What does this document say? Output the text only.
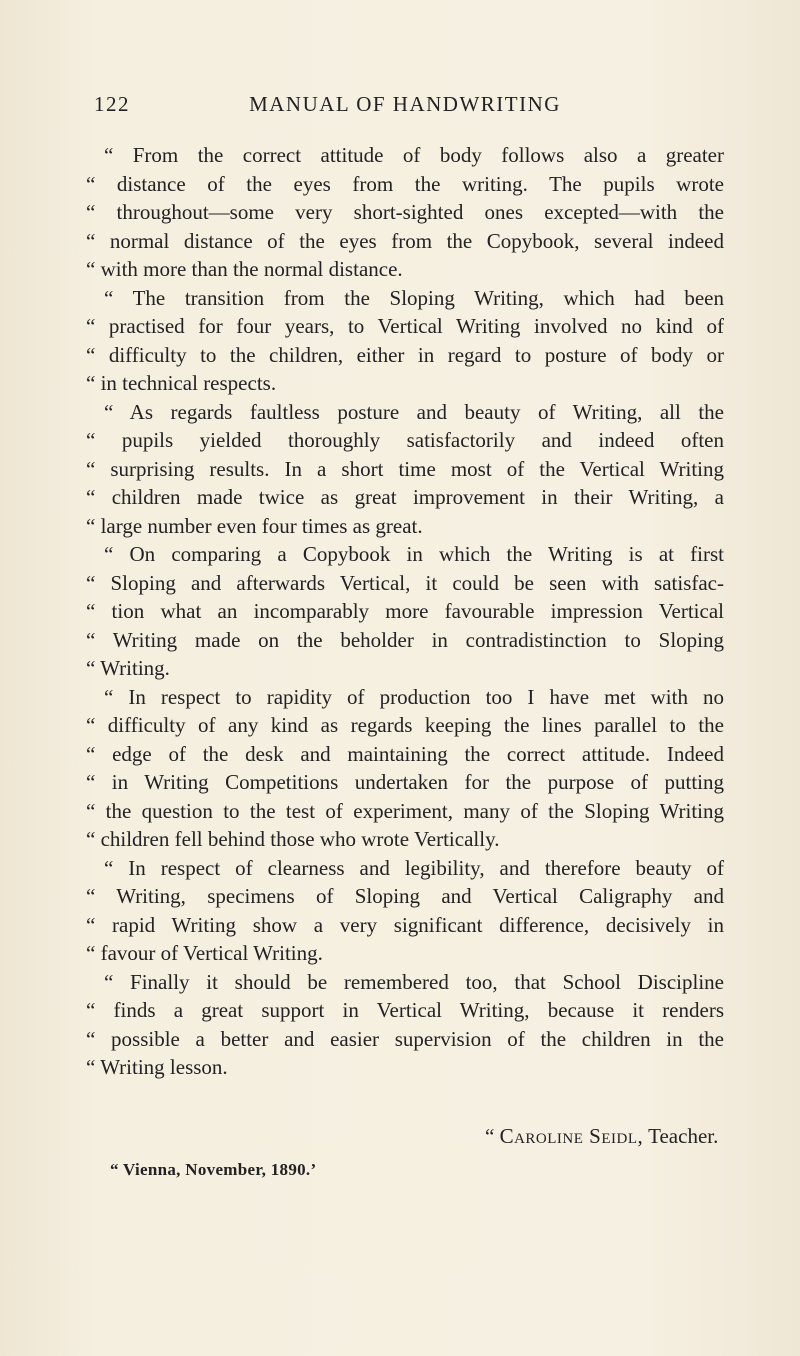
122	MANUAL OF HANDWRITING
“ From the correct attitude of body follows also a greater
“ distance of the eyes from the writing. The pupils wrote
“ throughout—some very short-sighted ones excepted—with the
“ normal distance of the eyes from the Copybook, several indeed
“ with more than the normal distance.
“ The transition from the Sloping Writing, which had been
“ practised for four years, to Vertical Writing involved no kind of
“ difficulty to the children, either in regard to posture of body or
“ in technical respects.
“ As regards faultless posture and beauty of Writing, all the
“ pupils yielded thoroughly satisfactorily and indeed often
“ surprising results. In a short time most of the Vertical Writing
“ children made twice as great improvement in their Writing, a
“ large number even four times as great.
“ On comparing a Copybook in which the Writing is at first
“ Sloping and afterwards Vertical, it could be seen with satisfac-
“ tion what an incomparably more favourable impression Vertical
“ Writing made on the beholder in contradistinction to Sloping
“ Writing.
“ In respect to rapidity of production too I have met with no
“ difficulty of any kind as regards keeping the lines parallel to the
“ edge of the desk and maintaining the correct attitude. Indeed
“ in Writing Competitions undertaken for the purpose of putting
“ the question to the test of experiment, many of the Sloping Writing
“ children fell behind those who wrote Vertically.
“ In respect of clearness and legibility, and therefore beauty of
“ Writing, specimens of Sloping and Vertical Caligraphy and
“ rapid Writing show a very significant difference, decisively in
“ favour of Vertical Writing.
“ Finally it should be remembered too, that School Discipline
“ finds a great support in Vertical Writing, because it renders
“ possible a better and easier supervision of the children in the
“ Writing lesson.
“ Caroline Seidl, Teacher.
“ Vienna, November, 1890.’
